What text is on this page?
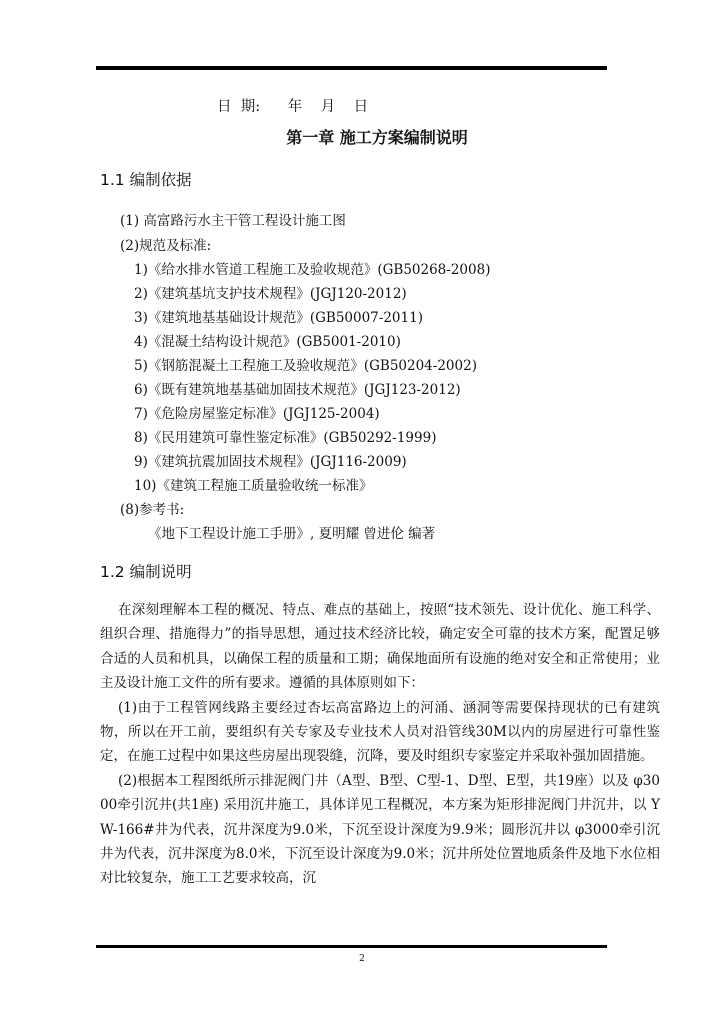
日  期:      年    月    日
第一章 施工方案编制说明
1.1 编制依据
(1) 高富路污水主干管工程设计施工图
(2)规范及标准:
1)《给水排水管道工程施工及验收规范》(GB50268-2008)
2)《建筑基坑支护技术规程》(JGJ120-2012)
3)《建筑地基基础设计规范》(GB50007-2011)
4)《混凝土结构设计规范》(GB5001-2010)
5)《钢筋混凝土工程施工及验收规范》(GB50204-2002)
6)《既有建筑地基基础加固技术规范》(JGJ123-2012)
7)《危险房屋鉴定标准》(JGJ125-2004)
8)《民用建筑可靠性鉴定标准》(GB50292-1999)
9)《建筑抗震加固技术规程》(JGJ116-2009)
10)《建筑工程施工质量验收统一标准》
(8)参考书:
《地下工程设计施工手册》, 夏明耀 曾进伦 编著
1.2 编制说明

在深刻理解本工程的概况、特点、难点的基础上，按照“技术领先、设计优化、施工科学、组织合理、措施得力”的指导思想，通过技术经济比较，确定安全可靠的技术方案，配置足够合适的人员和机具，以确保工程的质量和工期；确保地面所有设施的绝对安全和正常使用；业主及设计施工文件的所有要求。遵循的具体原则如下：

(1)由于工程管网线路主要经过杏坛高富路边上的河涌、涵洞等需要保持现状的已有建筑物，所以在开工前，要组织有关专家及专业技术人员对沿管线30M以内的房屋进行可靠性鉴定，在施工过程中如果这些房屋出现裂缝，沉降，要及时组织专家鉴定并采取补强加固措施。

(2)根据本工程图纸所示排泥阀门井（A型、B型、C型-1、D型、E型，共19座）以及 φ3000牵引沉井(共1座) 采用沉井施工，具体详见工程概况，本方案为矩形排泥阀门井沉井，以 YW-166#井为代表，沉井深度为9.0米，下沉至设计深度为9.9米；圆形沉井以 φ3000牵引沉井为代表，沉井深度为8.0米，下沉至设计深度为9.0米；沉井所处位置地质条件及地下水位相对比较复杂，施工工艺要求较高，沉

2
